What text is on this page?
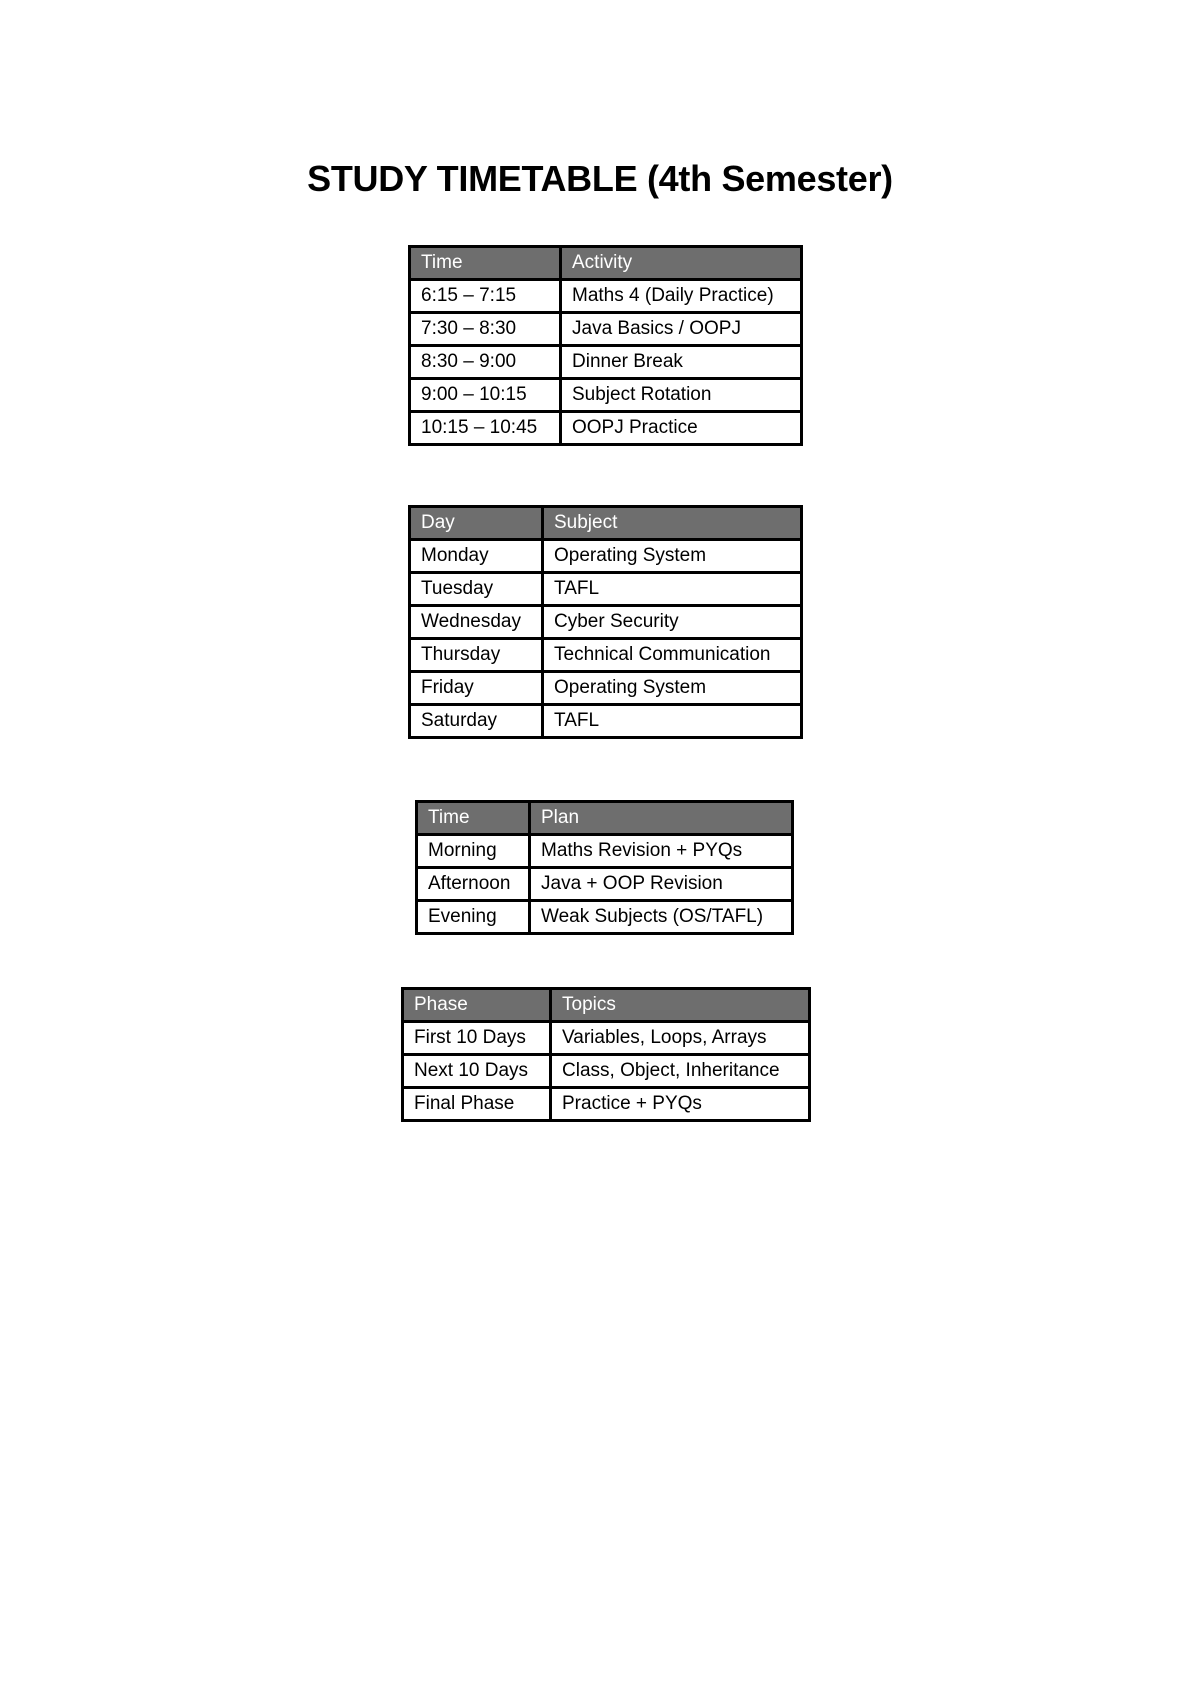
STUDY TIMETABLE (4th Semester)
Time	Activity
6:15 – 7:15	Maths 4 (Daily Practice)
7:30 – 8:30	Java Basics / OOPJ
8:30 – 9:00	Dinner Break
9:00 – 10:15	Subject Rotation
10:15 – 10:45	OOPJ Practice
Day	Subject
Monday	Operating System
Tuesday	TAFL
Wednesday	Cyber Security
Thursday	Technical Communication
Friday	Operating System
Saturday	TAFL
Time	Plan
Morning	Maths Revision + PYQs
Afternoon	Java + OOP Revision
Evening	Weak Subjects (OS/TAFL)
Phase	Topics
First 10 Days	Variables, Loops, Arrays
Next 10 Days	Class, Object, Inheritance
Final Phase	Practice + PYQs
